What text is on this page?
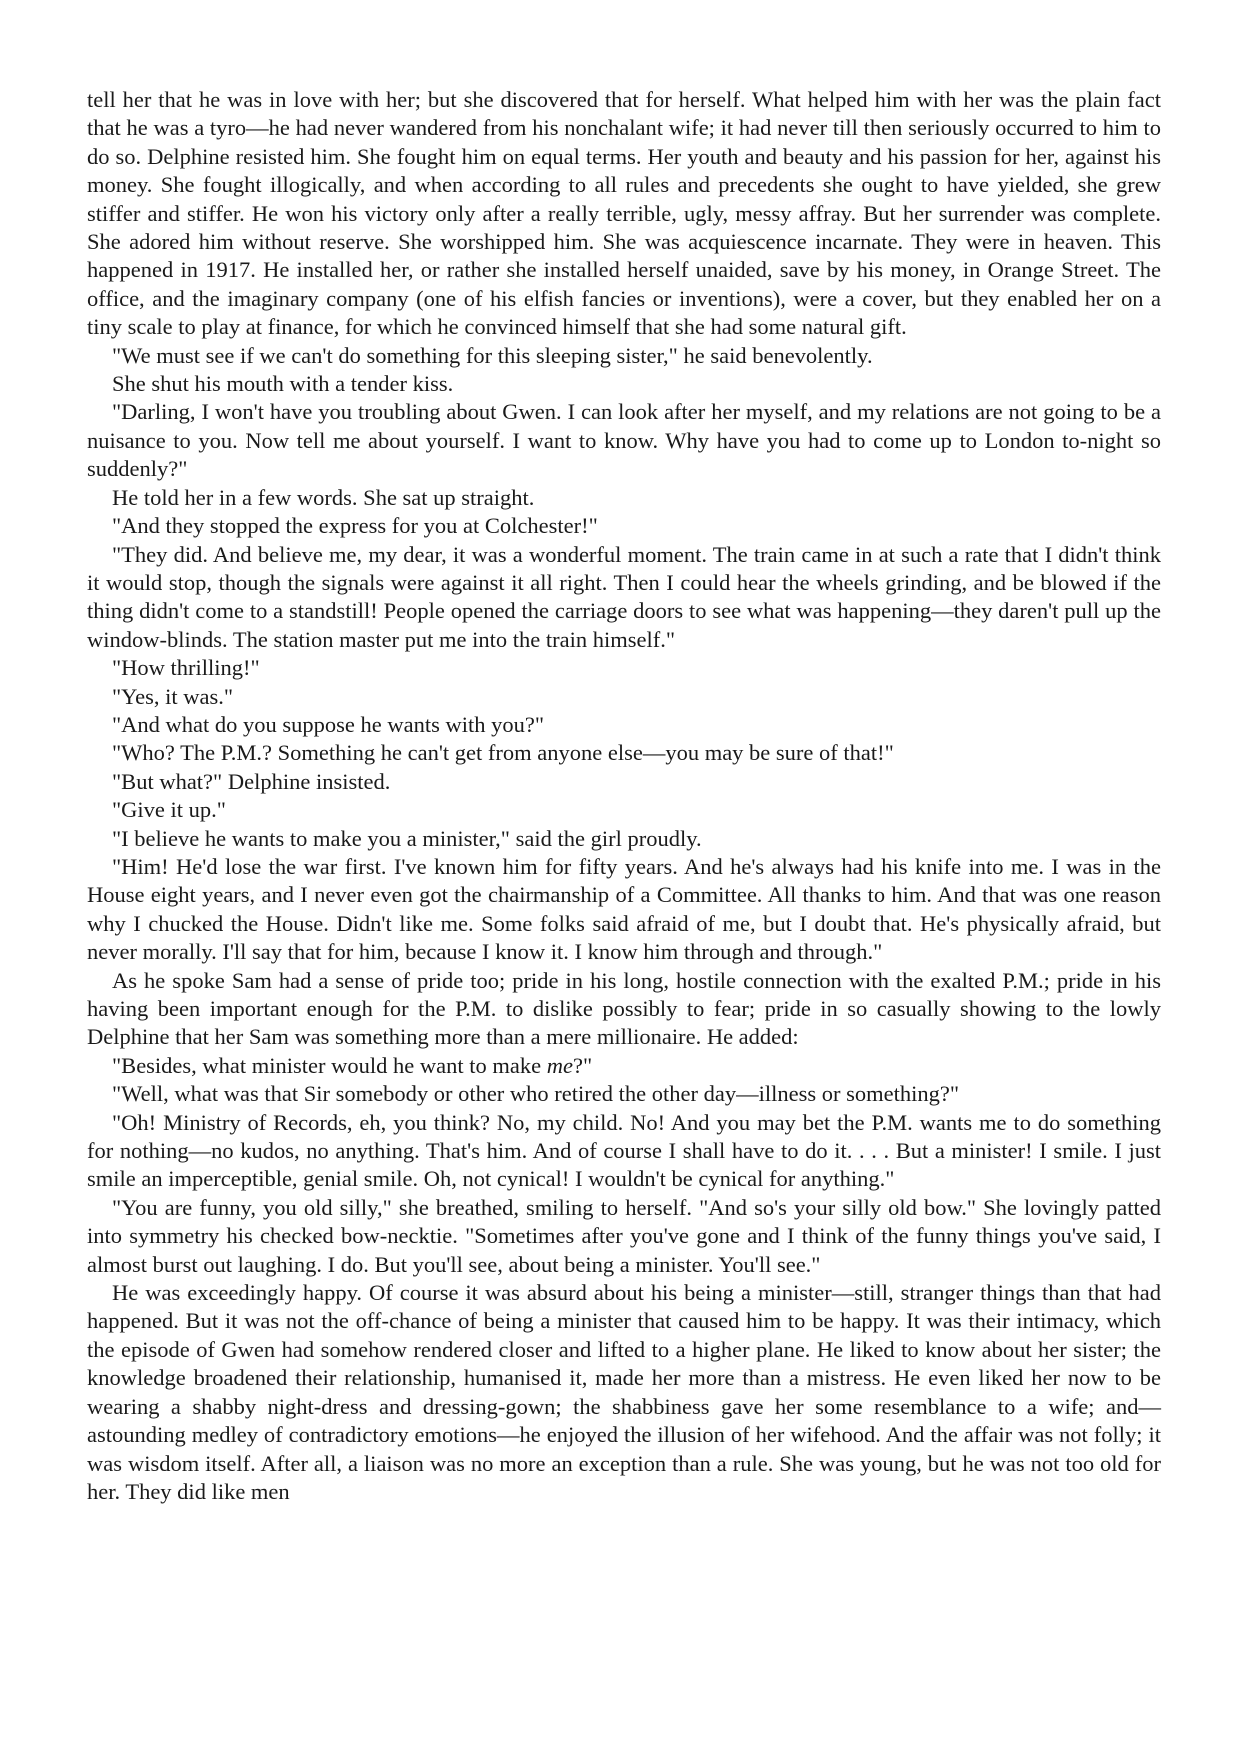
tell her that he was in love with her; but she discovered that for herself. What helped him with her was the plain fact that he was a tyro—he had never wandered from his nonchalant wife; it had never till then seriously occurred to him to do so. Delphine resisted him. She fought him on equal terms. Her youth and beauty and his passion for her, against his money. She fought illogically, and when according to all rules and precedents she ought to have yielded, she grew stiffer and stiffer. He won his victory only after a really terrible, ugly, messy affray. But her surrender was complete. She adored him without reserve. She worshipped him. She was acquiescence incarnate. They were in heaven. This happened in 1917. He installed her, or rather she installed herself unaided, save by his money, in Orange Street. The office, and the imaginary company (one of his elfish fancies or inventions), were a cover, but they enabled her on a tiny scale to play at finance, for which he convinced himself that she had some natural gift.

"We must see if we can't do something for this sleeping sister," he said benevolently.

She shut his mouth with a tender kiss.

"Darling, I won't have you troubling about Gwen. I can look after her myself, and my relations are not going to be a nuisance to you. Now tell me about yourself. I want to know. Why have you had to come up to London to-night so suddenly?"

He told her in a few words. She sat up straight.

"And they stopped the express for you at Colchester!"

"They did. And believe me, my dear, it was a wonderful moment. The train came in at such a rate that I didn't think it would stop, though the signals were against it all right. Then I could hear the wheels grinding, and be blowed if the thing didn't come to a standstill! People opened the carriage doors to see what was happening—they daren't pull up the window-blinds. The station master put me into the train himself."

"How thrilling!"

"Yes, it was."

"And what do you suppose he wants with you?"

"Who? The P.M.? Something he can't get from anyone else—you may be sure of that!"

"But what?" Delphine insisted.

"Give it up."

"I believe he wants to make you a minister," said the girl proudly.

"Him! He'd lose the war first. I've known him for fifty years. And he's always had his knife into me. I was in the House eight years, and I never even got the chairmanship of a Committee. All thanks to him. And that was one reason why I chucked the House. Didn't like me. Some folks said afraid of me, but I doubt that. He's physically afraid, but never morally. I'll say that for him, because I know it. I know him through and through."

As he spoke Sam had a sense of pride too; pride in his long, hostile connection with the exalted P.M.; pride in his having been important enough for the P.M. to dislike possibly to fear; pride in so casually showing to the lowly Delphine that her Sam was something more than a mere millionaire. He added:

"Besides, what minister would he want to make me?"

"Well, what was that Sir somebody or other who retired the other day—illness or something?"

"Oh! Ministry of Records, eh, you think? No, my child. No! And you may bet the P.M. wants me to do something for nothing—no kudos, no anything. That's him. And of course I shall have to do it. . . . But a minister! I smile. I just smile an imperceptible, genial smile. Oh, not cynical! I wouldn't be cynical for anything."

"You are funny, you old silly," she breathed, smiling to herself. "And so's your silly old bow." She lovingly patted into symmetry his checked bow-necktie. "Sometimes after you've gone and I think of the funny things you've said, I almost burst out laughing. I do. But you'll see, about being a minister. You'll see."

He was exceedingly happy. Of course it was absurd about his being a minister—still, stranger things than that had happened. But it was not the off-chance of being a minister that caused him to be happy. It was their intimacy, which the episode of Gwen had somehow rendered closer and lifted to a higher plane. He liked to know about her sister; the knowledge broadened their relationship, humanised it, made her more than a mistress. He even liked her now to be wearing a shabby night-dress and dressing-gown; the shabbiness gave her some resemblance to a wife; and—astounding medley of contradictory emotions—he enjoyed the illusion of her wifehood. And the affair was not folly; it was wisdom itself. After all, a liaison was no more an exception than a rule. She was young, but he was not too old for her. They did like men
